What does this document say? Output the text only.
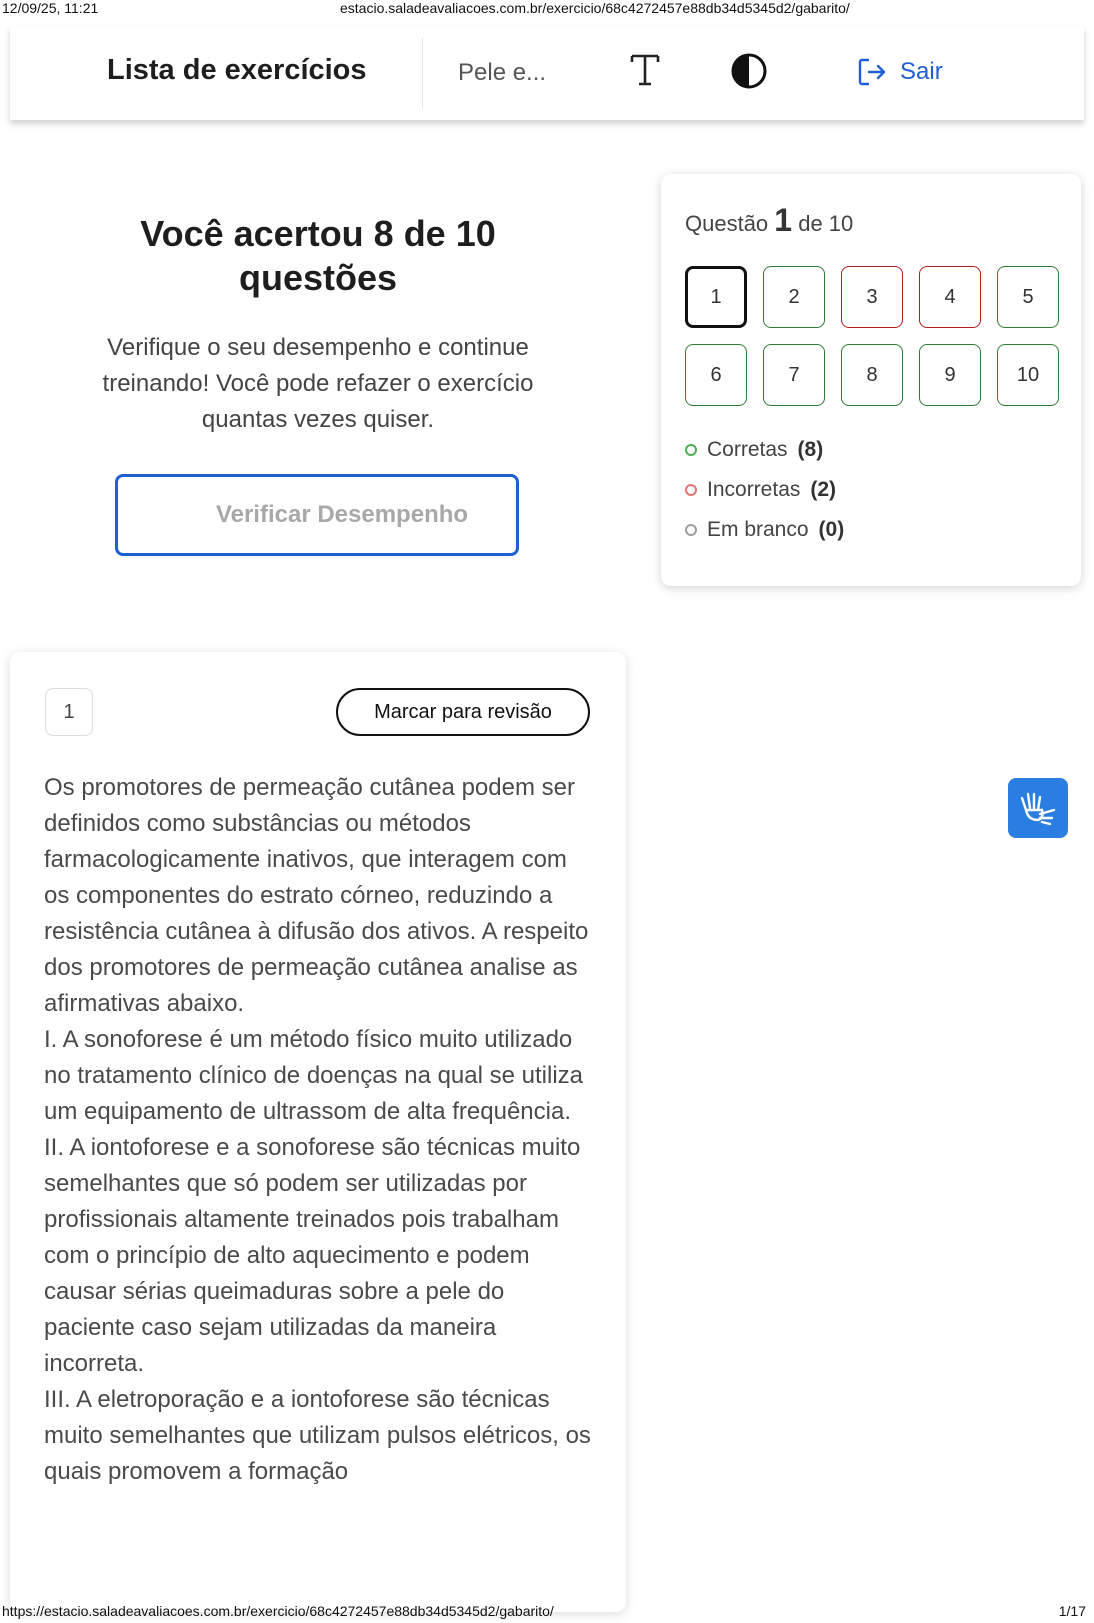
12/09/25, 11:21	estacio.saladeavaliacoes.com.br/exercicio/68c4272457e88db34d5345d2/gabarito/
Lista de exercícios	Pele e...	Sair
Você acertou 8 de 10 questões

Verifique o seu desempenho e continue treinando! Você pode refazer o exercício quantas vezes quiser.

Verificar Desempenho
Questão 1 de 10
1	2	3	4	5
6	7	8	9	10
Corretas (8)
Incorretas (2)
Em branco (0)
1	Marcar para revisão
Os promotores de permeação cutânea podem ser definidos como substâncias ou métodos farmacologicamente inativos, que interagem com os componentes do estrato córneo, reduzindo a resistência cutânea à difusão dos ativos. A respeito dos promotores de permeação cutânea analise as afirmativas abaixo.
I. A sonoforese é um método físico muito utilizado no tratamento clínico de doenças na qual se utiliza um equipamento de ultrassom de alta frequência.
II. A iontoforese e a sonoforese são técnicas muito semelhantes que só podem ser utilizadas por profissionais altamente treinados pois trabalham com o princípio de alto aquecimento e podem causar sérias queimaduras sobre a pele do paciente caso sejam utilizadas da maneira incorreta.
III. A eletroporação e a iontoforese são técnicas muito semelhantes que utilizam pulsos elétricos, os quais promovem a formação
https://estacio.saladeavaliacoes.com.br/exercicio/68c4272457e88db34d5345d2/gabarito/	1/17
